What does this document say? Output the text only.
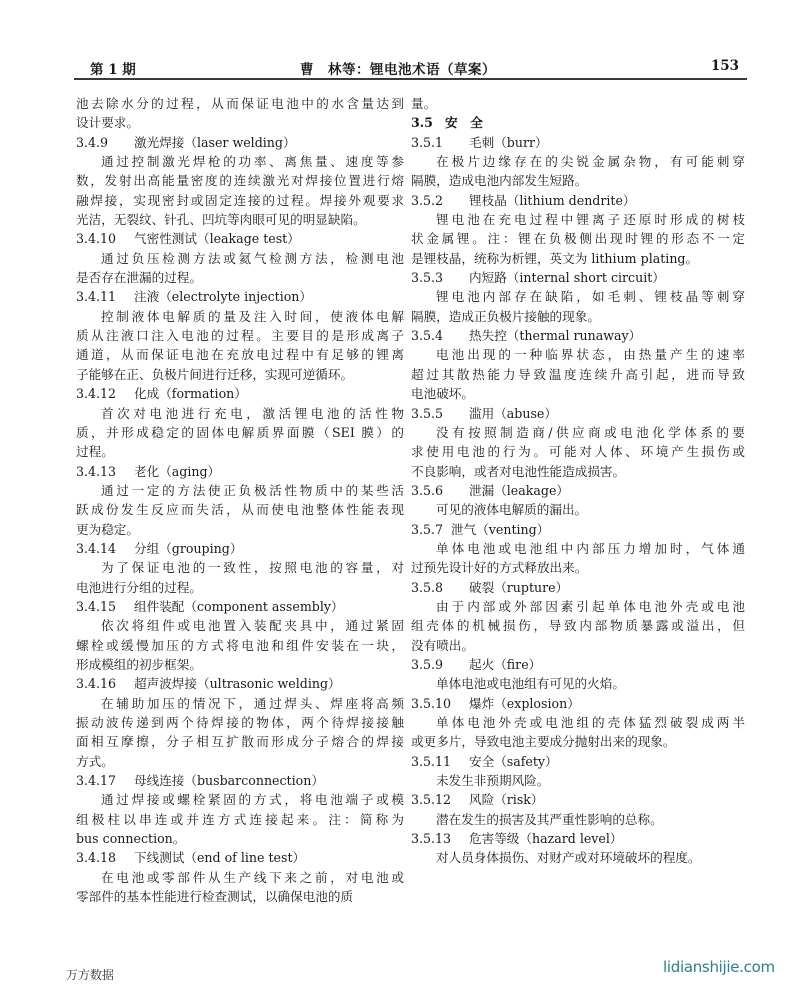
第 1 期	曹　林等：锂电池术语（草案）	153
池去除水分的过程，从而保证电池中的水含量达到
设计要求。
3.4.9 激光焊接（laser welding）
通过控制激光焊枪的功率、离焦量、速度等参
数，发射出高能量密度的连续激光对焊接位置进行熔
融焊接，实现密封或固定连接的过程。焊接外观要求
光洁，无裂纹、针孔、凹坑等肉眼可见的明显缺陷。
3.4.10 气密性测试（leakage test）
通过负压检测方法或氦气检测方法，检测电池
是否存在泄漏的过程。
3.4.11 注液（electrolyte injection）
控制液体电解质的量及注入时间，使液体电解
质从注液口注入电池的过程。主要目的是形成离子
通道，从而保证电池在充放电过程中有足够的锂离
子能够在正、负极片间进行迁移，实现可逆循环。
3.4.12 化成（formation）
首次对电池进行充电，激活锂电池的活性物
质，并形成稳定的固体电解质界面膜（SEI 膜）的
过程。
3.4.13 老化（aging）
通过一定的方法使正负极活性物质中的某些活
跃成份发生反应而失活，从而使电池整体性能表现
更为稳定。
3.4.14 分组（grouping）
为了保证电池的一致性，按照电池的容量，对
电池进行分组的过程。
3.4.15 组件装配（component assembly）
依次将组件或电池置入装配夹具中，通过紧固
螺栓或缓慢加压的方式将电池和组件安装在一块，
形成模组的初步框架。
3.4.16 超声波焊接（ultrasonic welding）
在辅助加压的情况下，通过焊头、焊座将高频
振动波传递到两个待焊接的物体，两个待焊接接触
面相互摩擦，分子相互扩散而形成分子熔合的焊接
方式。
3.4.17 母线连接（busbarconnection）
通过焊接或螺栓紧固的方式，将电池端子或模
组极柱以串连或并连方式连接起来。注：简称为
bus connection。
3.4.18 下线测试（end of line test）
在电池或零部件从生产线下来之前，对电池或
零部件的基本性能进行检查测试，以确保电池的质
量。
3.5 安　全
3.5.1 毛刺（burr）
在极片边缘存在的尖锐金属杂物，有可能刺穿
隔膜，造成电池内部发生短路。
3.5.2 锂枝晶（lithium dendrite）
锂电池在充电过程中锂离子还原时形成的树枝
状金属锂。注：锂在负极侧出现时锂的形态不一定
是锂枝晶，统称为析锂，英文为 lithium plating。
3.5.3 内短路（internal short circuit）
锂电池内部存在缺陷，如毛刺、锂枝晶等刺穿
隔膜，造成正负极片接触的现象。
3.5.4 热失控（thermal runaway）
电池出现的一种临界状态，由热量产生的速率
超过其散热能力导致温度连续升高引起，进而导致
电池破坏。
3.5.5 滥用（abuse）
没有按照制造商/供应商或电池化学体系的要
求使用电池的行为。可能对人体、环境产生损伤或
不良影响，或者对电池性能造成损害。
3.5.6 泄漏（leakage）
可见的液体电解质的漏出。
3.5.7 泄气（venting）
单体电池或电池组中内部压力增加时，气体通
过预先设计好的方式释放出来。
3.5.8 破裂（rupture）
由于内部或外部因素引起单体电池外壳或电池
组壳体的机械损伤，导致内部物质暴露或溢出，但
没有喷出。
3.5.9 起火（fire）
单体电池或电池组有可见的火焰。
3.5.10 爆炸（explosion）
单体电池外壳或电池组的壳体猛烈破裂成两半
或更多片，导致电池主要成分抛射出来的现象。
3.5.11 安全（safety）
未发生非预期风险。
3.5.12 风险（risk）
潜在发生的损害及其严重性影响的总称。
3.5.13 危害等级（hazard level）
对人员身体损伤、对财产或对环境破坏的程度。
万方数据	lidianshijie.com
